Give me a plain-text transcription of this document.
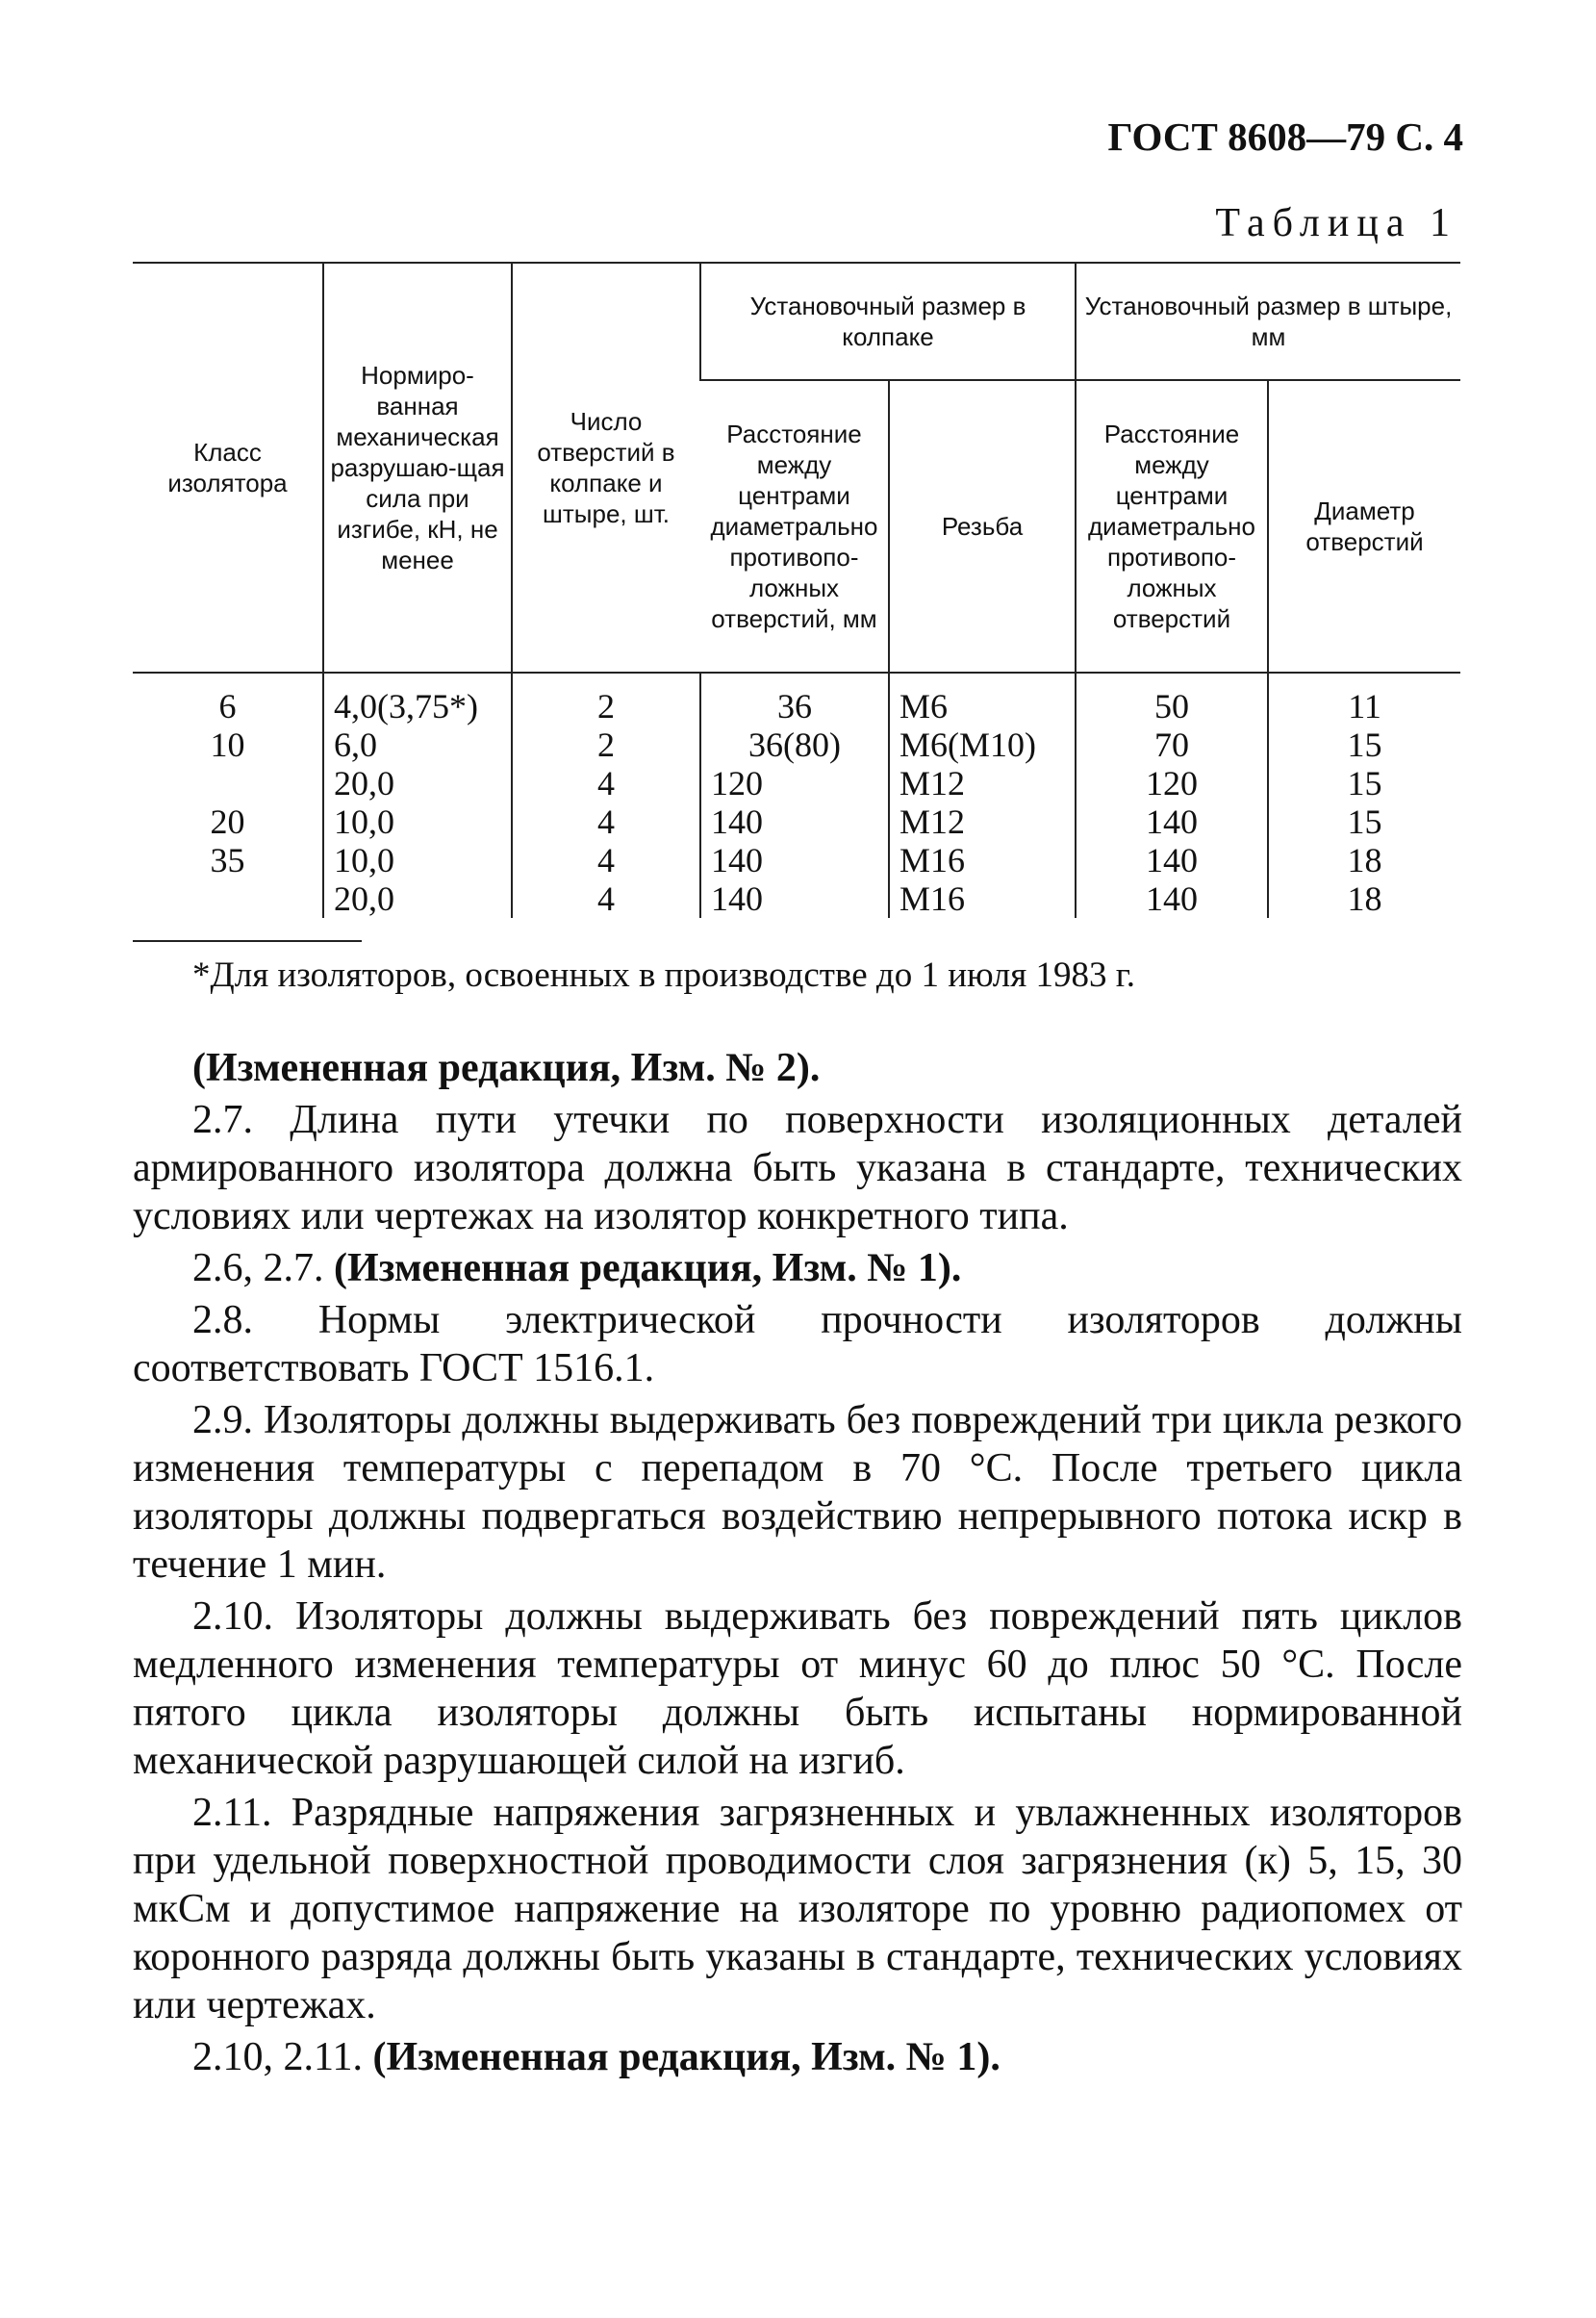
ГОСТ 8608—79 С. 4
Таблица 1
Класс изолятора	Нормиро-ванная механическая разрушаю-щая сила при изгибе, кН, не менее	Число отверстий в колпаке и штыре, шт.	Установочный размер в колпаке		Установочный размер в штыре, мм	
			Расстояние между центрами диаметрально противопо-ложных отверстий, мм	Резьба	Расстояние между центрами диаметрально противопо-ложных отверстий	Диаметр отверстий
6	4,0(3,75*)	2	36	М6	50	11
10	6,0	2	36(80)	М6(М10)	70	15
	20,0	4	120	М12	120	15
20	10,0	4	140	М12	140	15
35	10,0	4	140	М16	140	18
	20,0	4	140	М16	140	18
*Для изоляторов, освоенных в производстве до 1 июля 1983 г.

(Измененная редакция, Изм. № 2).

2.7. Длина пути утечки по поверхности изоляционных деталей армированного изолятора должна быть указана в стандарте, технических условиях или чертежах на изолятор конкретного типа.

2.6, 2.7. (Измененная редакция, Изм. № 1).

2.8. Нормы электрической прочности изоляторов должны соответствовать ГОСТ 1516.1.

2.9. Изоляторы должны выдерживать без повреждений три цикла резкого изменения температуры с перепадом в 70 °С. После третьего цикла изоляторы должны подвергаться воздействию непрерывного потока искр в течение 1 мин.

2.10. Изоляторы должны выдерживать без повреждений пять циклов медленного изменения температуры от минус 60 до плюс 50 °С. После пятого цикла изоляторы должны быть испытаны нормированной механической разрушающей силой на изгиб.

2.11. Разрядные напряжения загрязненных и увлажненных изоляторов при удельной поверхностной проводимости слоя загрязнения (к) 5, 15, 30 мкСм и допустимое напряжение на изоляторе по уровню радиопомех от коронного разряда должны быть указаны в стандарте, технических условиях или чертежах.

2.10, 2.11. (Измененная редакция, Изм. № 1).
